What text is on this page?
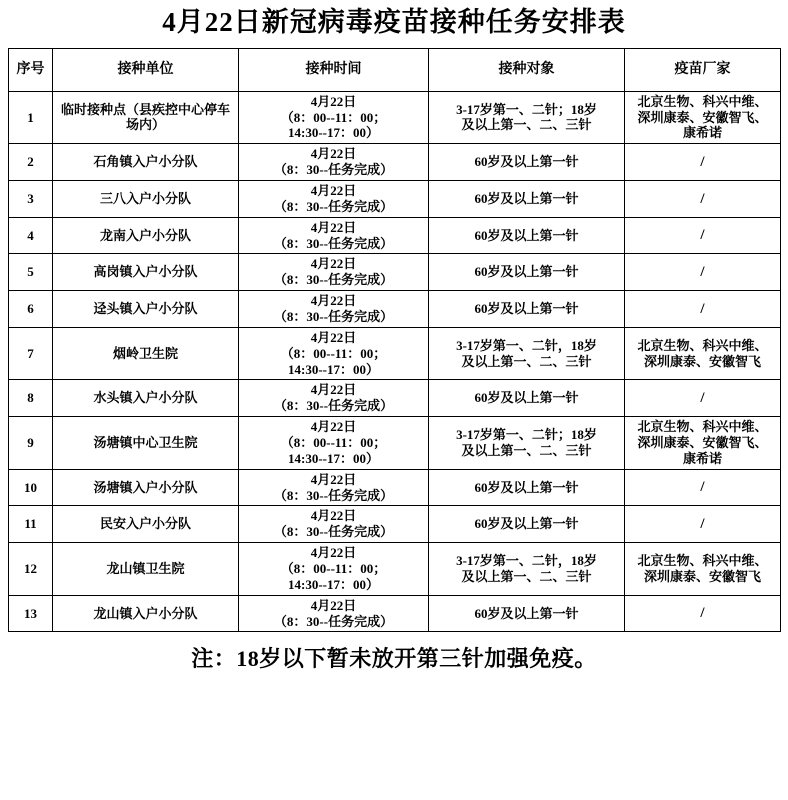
4月22日新冠病毒疫苗接种任务安排表
序号	接种单位	接种时间	接种对象	疫苗厂家
1	临时接种点（县疾控中心停车场内）	4月22日
（8：00--11：00；
14:30--17：00）	3-17岁第一、二针；18岁
及以上第一、二、三针	北京生物、科兴中维、
深圳康泰、安徽智飞、
康希诺

2	石角镇入户小分队	4月22日
（8：30--任务完成）	60岁及以上第一针	/

3	三八入户小分队	4月22日
（8：30--任务完成）	60岁及以上第一针	/

4	龙南入户小分队	4月22日
（8：30--任务完成）	60岁及以上第一针	/

5	高岗镇入户小分队	4月22日
（8：30--任务完成）	60岁及以上第一针	/

6	迳头镇入户小分队	4月22日
（8：30--任务完成）	60岁及以上第一针	/

7	烟岭卫生院	4月22日
（8：00--11：00；
14:30--17：00）	3-17岁第一、二针，18岁
及以上第一、二、三针	北京生物、科兴中维、
深圳康泰、安徽智飞

8	水头镇入户小分队	4月22日
（8：30--任务完成）	60岁及以上第一针	/

9	汤塘镇中心卫生院	4月22日
（8：00--11：00；
14:30--17：00）	3-17岁第一、二针；18岁
及以上第一、二、三针	北京生物、科兴中维、
深圳康泰、安徽智飞、
康希诺

10	汤塘镇入户小分队	4月22日
（8：30--任务完成）	60岁及以上第一针	/

11	民安入户小分队	4月22日
（8：30--任务完成）	60岁及以上第一针	/

12	龙山镇卫生院	4月22日
（8：00--11：00；
14:30--17：00）	3-17岁第一、二针，18岁
及以上第一、二、三针	北京生物、科兴中维、
深圳康泰、安徽智飞

13	龙山镇入户小分队	4月22日
（8：30--任务完成）	60岁及以上第一针	/
注：18岁以下暂未放开第三针加强免疫。
